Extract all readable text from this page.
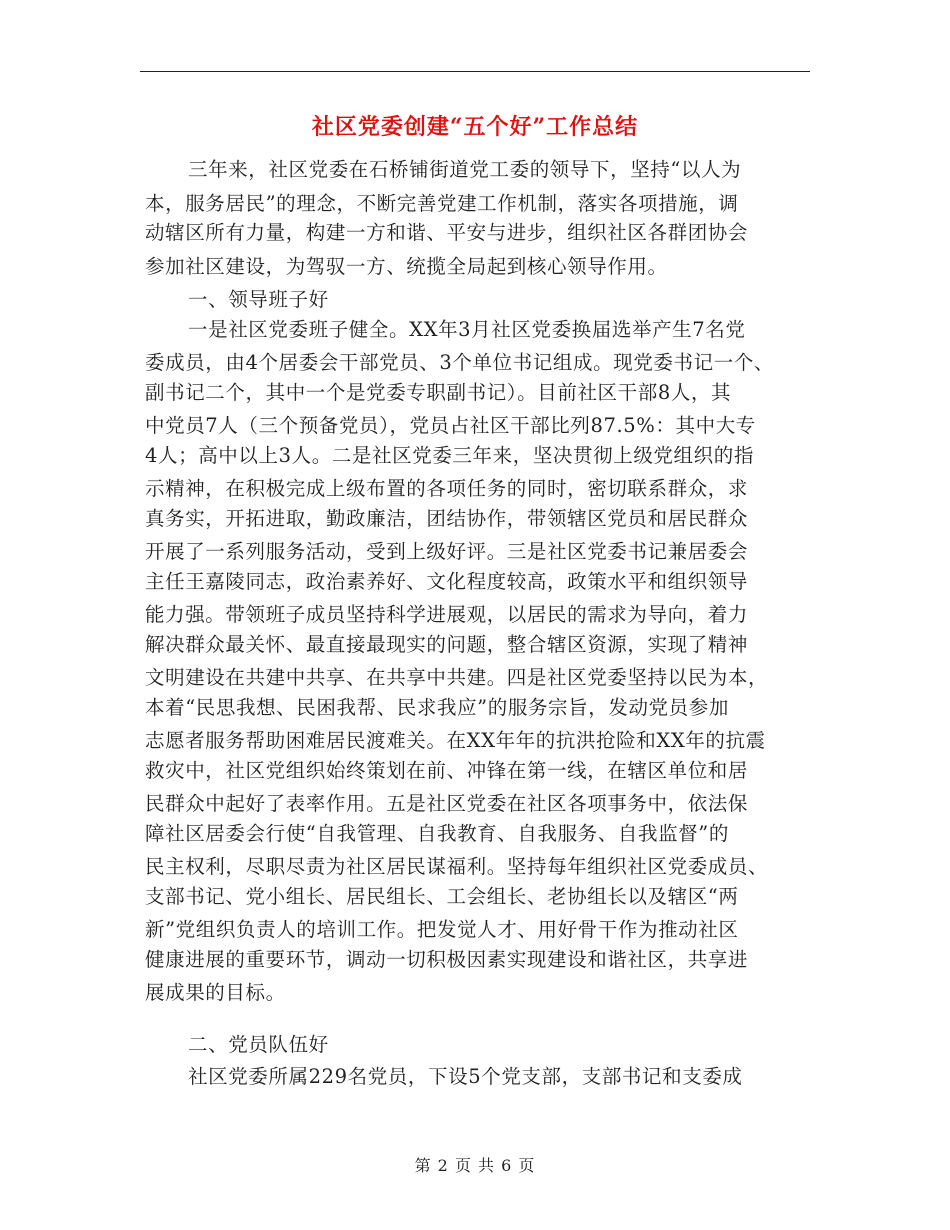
社区党委创建“五个好”工作总结
三年来，社区党委在石桥铺街道党工委的领导下，坚持“以人为
本，服务居民”的理念，不断完善党建工作机制，落实各项措施，调
动辖区所有力量，构建一方和谐、平安与进步，组织社区各群团协会
参加社区建设，为驾驭一方、统揽全局起到核心领导作用。
一、领导班子好
一是社区党委班子健全。XX年3月社区党委换届选举产生7名党
委成员，由4个居委会干部党员、3个单位书记组成。现党委书记一个、
副书记二个，其中一个是党委专职副书记）。目前社区干部8人，其
中党员7人（三个预备党员），党员占社区干部比列87.5%：其中大专
4人；高中以上3人。二是社区党委三年来，坚决贯彻上级党组织的指
示精神，在积极完成上级布置的各项任务的同时，密切联系群众，求
真务实，开拓进取，勤政廉洁，团结协作，带领辖区党员和居民群众
开展了一系列服务活动，受到上级好评。三是社区党委书记兼居委会
主任王嘉陵同志，政治素养好、文化程度较高，政策水平和组织领导
能力强。带领班子成员坚持科学进展观，以居民的需求为导向，着力
解决群众最关怀、最直接最现实的问题，整合辖区资源，实现了精神
文明建设在共建中共享、在共享中共建。四是社区党委坚持以民为本，
本着“民思我想、民困我帮、民求我应”的服务宗旨，发动党员参加
志愿者服务帮助困难居民渡难关。在XX年年的抗洪抢险和XX年的抗震
救灾中，社区党组织始终策划在前、冲锋在第一线，在辖区单位和居
民群众中起好了表率作用。五是社区党委在社区各项事务中，依法保
障社区居委会行使“自我管理、自我教育、自我服务、自我监督”的
民主权利，尽职尽责为社区居民谋福利。坚持每年组织社区党委成员、
支部书记、党小组长、居民组长、工会组长、老协组长以及辖区“两
新”党组织负责人的培训工作。把发觉人才、用好骨干作为推动社区
健康进展的重要环节，调动一切积极因素实现建设和谐社区，共享进
展成果的目标。
二、党员队伍好
社区党委所属229名党员，下设5个党支部，支部书记和支委成
第 2 页 共 6 页
